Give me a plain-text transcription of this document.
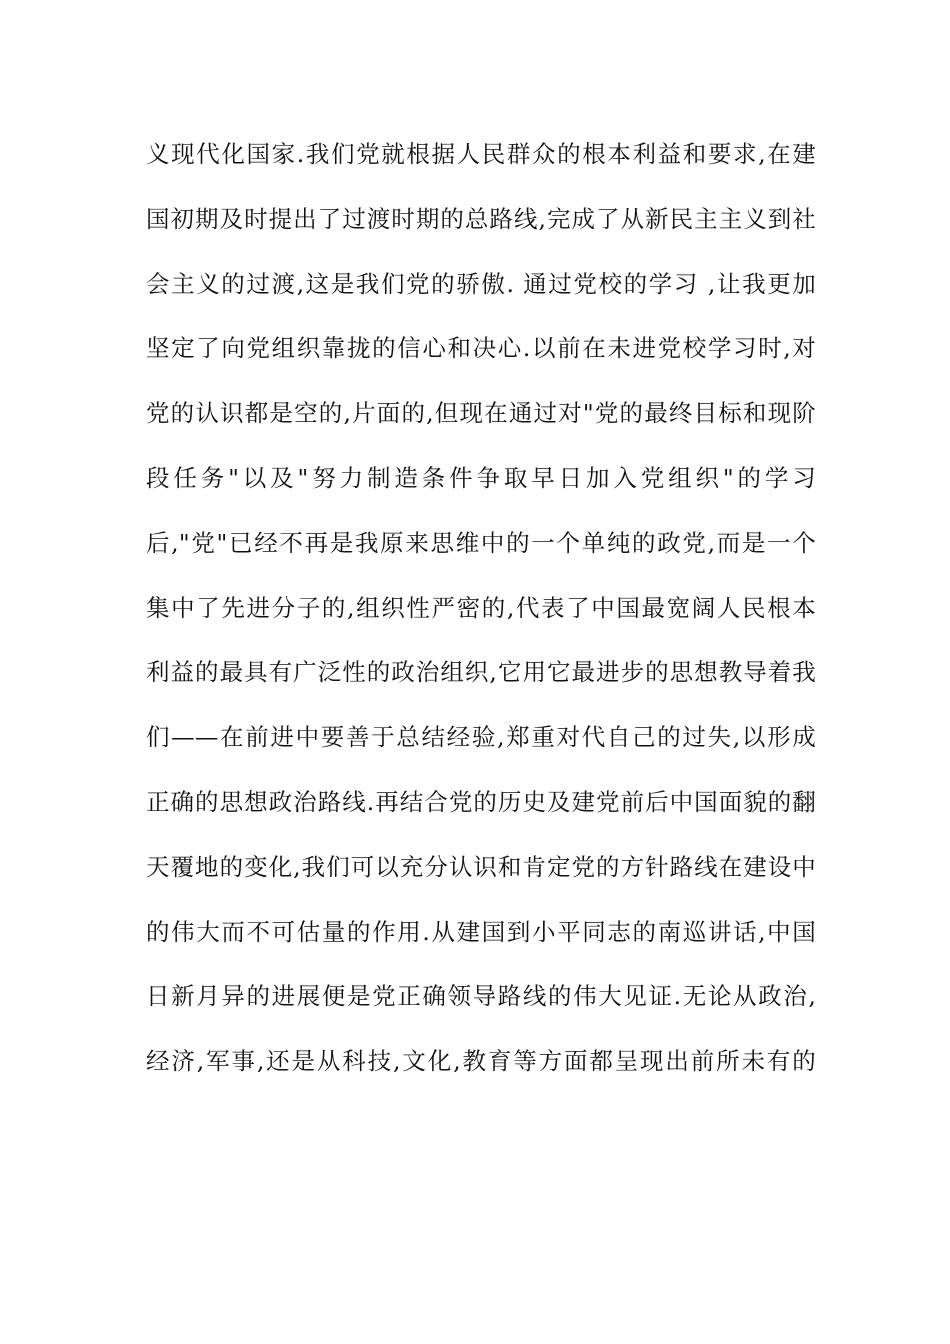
义现代化国家.我们党就根据人民群众的根本利益和要求,在建
国初期及时提出了过渡时期的总路线,完成了从新民主主义到社
会主义的过渡,这是我们党的骄傲. 通过党校的学习 ,让我更加
坚定了向党组织靠拢的信心和决心.以前在未进党校学习时,对
党的认识都是空的,片面的,但现在通过对"党的最终目标和现阶
段任务"以及"努力制造条件争取早日加入党组织"的学习
后,"党"已经不再是我原来思维中的一个单纯的政党,而是一个
集中了先进分子的,组织性严密的,代表了中国最宽阔人民根本
利益的最具有广泛性的政治组织,它用它最进步的思想教导着我
们——在前进中要善于总结经验,郑重对代自己的过失,以形成
正确的思想政治路线.再结合党的历史及建党前后中国面貌的翻
天覆地的变化,我们可以充分认识和肯定党的方针路线在建设中
的伟大而不可估量的作用.从建国到小平同志的南巡讲话,中国
日新月异的进展便是党正确领导路线的伟大见证.无论从政治,
经济,军事,还是从科技,文化,教育等方面都呈现出前所未有的
